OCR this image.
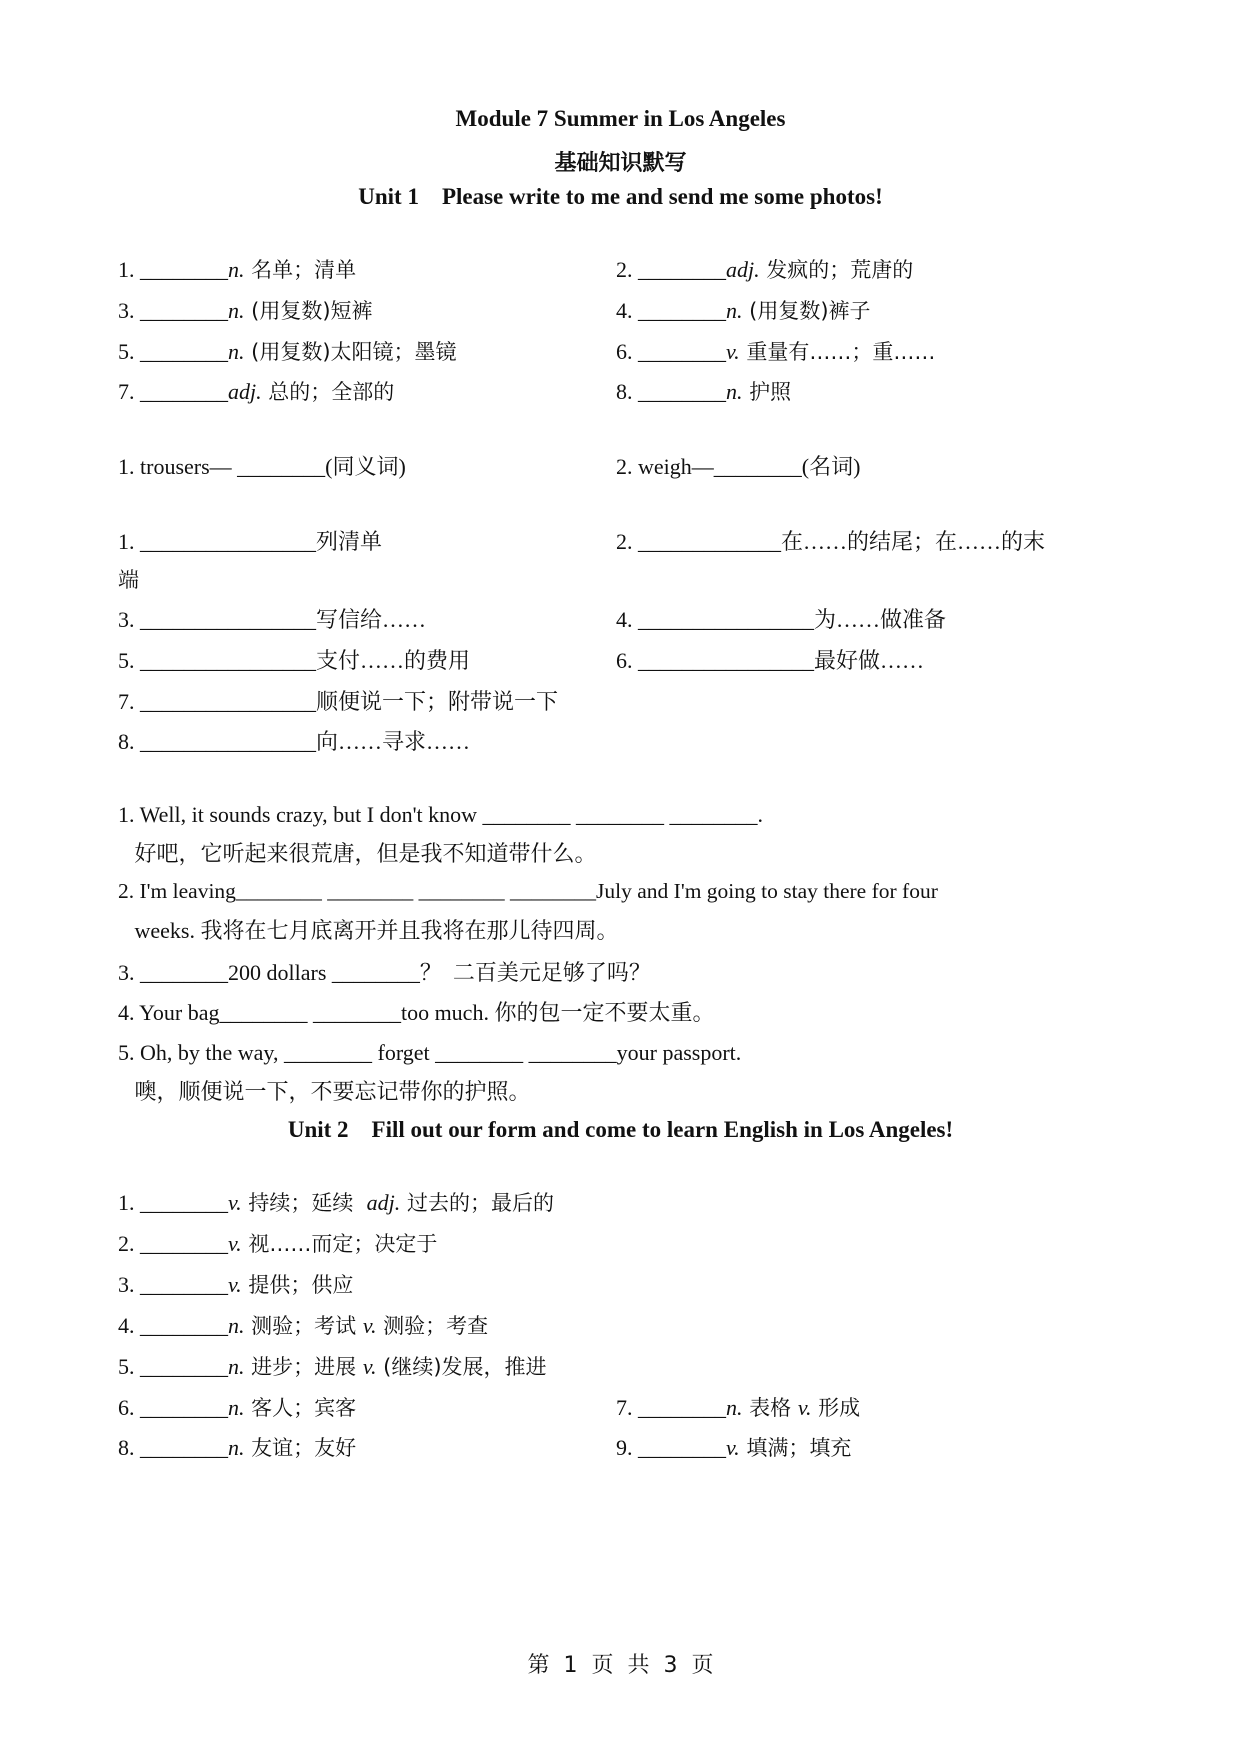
Module 7 Summer in Los Angeles
基础知识默写
Unit 1    Please write to me and send me some photos!
1. ________n. 名单；清单	2. ________adj. 发疯的；荒唐的
3. ________n. (用复数)短裤	4. ________n. (用复数)裤子
5. ________n. (用复数)太阳镜；墨镜	6. ________v. 重量有……；重……
7. ________adj. 总的；全部的	8. ________n. 护照
1. trousers— ________(同义词)	2. weigh—________(名词)
1. ________________列清单	2. _____________在……的结尾；在……的末
端
3. ________________写信给……	4. ________________为……做准备
5. ________________支付……的费用	6. ________________最好做……
7. ________________顺便说一下；附带说一下
8. ________________向……寻求……
1. Well, it sounds crazy, but I don't know ________ ________ ________.
好吧，它听起来很荒唐，但是我不知道带什么。
2. I'm leaving________ ________ ________ ________July and I'm going to stay there for four
weeks. 我将在七月底离开并且我将在那儿待四周。
3. ________200 dollars ________？  二百美元足够了吗？
4. Your bag________ ________too much. 你的包一定不要太重。
5. Oh, by the way, ________ forget ________ ________your passport.
噢，顺便说一下，不要忘记带你的护照。
Unit 2    Fill out our form and come to learn English in Los Angeles!
1. ________v. 持续；延续  adj. 过去的；最后的
2. ________v. 视……而定；决定于
3. ________v. 提供；供应
4. ________n. 测验；考试 v. 测验；考查
5. ________n. 进步；进展 v. (继续)发展，推进
6. ________n. 客人；宾客	7. ________n. 表格 v. 形成
8. ________n. 友谊；友好	9. ________v. 填满；填充
第  1  页  共  3  页
